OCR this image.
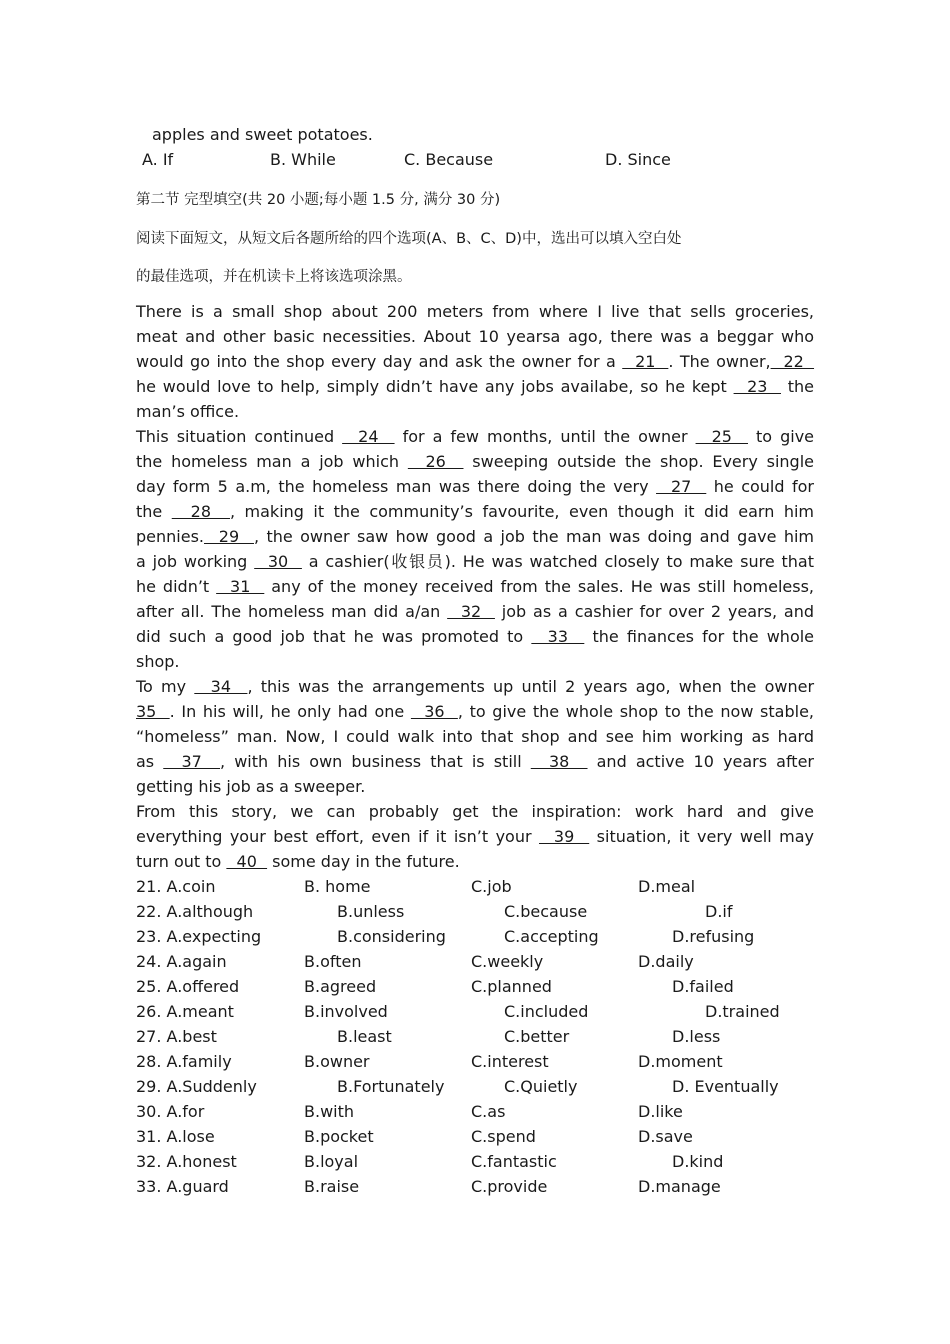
apples and sweet potatoes.
A. If	B. While	C. Because	D. Since
第二节 完型填空(共 20 小题;每小题 1.5 分, 满分 30 分)
阅读下面短文，从短文后各题所给的四个选项(A、B、C、D)中，选出可以填入空白处
的最佳选项，并在机读卡上将该选项涂黑。
There is a small shop about 200 meters from where I live that sells groceries,
meat and other basic necessities. About 10 yearsa ago, there was a beggar who
would go into the shop every day and ask the owner for a   21  . The owner,  22
he would love to help, simply didn’t have any jobs availabe, so he kept   23   the
man’s office.
This situation continued   24   for a few months, until the owner   25   to give
the homeless man a job which   26   sweeping outside the shop. Every single
day form 5 a.m, the homeless man was there doing the very   27   he could for
the   28  , making it the community’s favourite, even though it did earn him
pennies.  29  , the owner saw how good a job the man was doing and gave him
a job working   30   a cashier(收银员). He was watched closely to make sure that
he didn’t   31   any of the money received from the sales. He was still homeless,
after all. The homeless man did a/an   32   job as a cashier for over 2 years, and
did such a good job that he was promoted to   33   the finances for the whole
shop.
To my   34  , this was the arrangements up until 2 years ago, when the owner
35  . In his will, he only had one   36  , to give the whole shop to the now stable,
“homeless” man. Now, I could walk into that shop and see him working as hard
as   37  , with his own business that is still   38   and active 10 years after
getting his job as a sweeper.
From this story, we can probably get the inspiration: work hard and give
everything your best effort, even if it isn’t your   39   situation, it very well may
turn out to   40   some day in the future.
21. A.coin	B. home	C.job	D.meal
22. A.although	B.unless	C.because	D.if
23. A.expecting	B.considering	C.accepting	D.refusing
24. A.again	B.often	C.weekly	D.daily
25. A.offered	B.agreed	C.planned	D.failed
26. A.meant	B.involved	C.included	D.trained
27. A.best	B.least	C.better	D.less
28. A.family	B.owner	C.interest	D.moment
29. A.Suddenly	B.Fortunately	C.Quietly	D. Eventually
30. A.for	B.with	C.as	D.like
31. A.lose	B.pocket	C.spend	D.save
32. A.honest	B.loyal	C.fantastic	D.kind
33. A.guard	B.raise	C.provide	D.manage
